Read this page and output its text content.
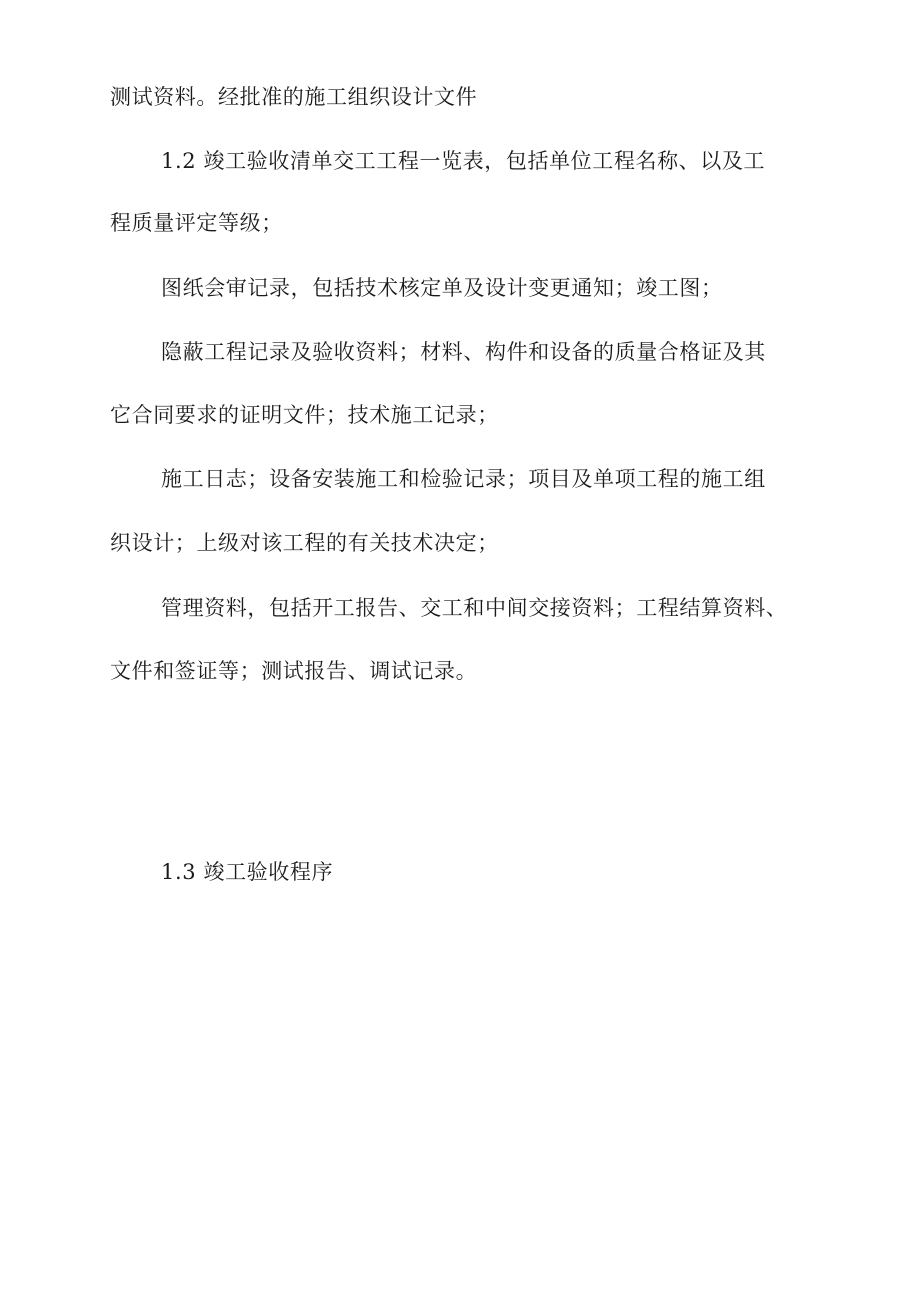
测试资料。经批准的施工组织设计文件
1.2 竣工验收清单交工工程一览表，包括单位工程名称、以及工
程质量评定等级；
图纸会审记录，包括技术核定单及设计变更通知；竣工图；
隐蔽工程记录及验收资料；材料、构件和设备的质量合格证及其
它合同要求的证明文件；技术施工记录；
施工日志；设备安装施工和检验记录；项目及单项工程的施工组
织设计；上级对该工程的有关技术决定；
管理资料，包括开工报告、交工和中间交接资料；工程结算资料、
文件和签证等；测试报告、调试记录。
1.3 竣工验收程序
